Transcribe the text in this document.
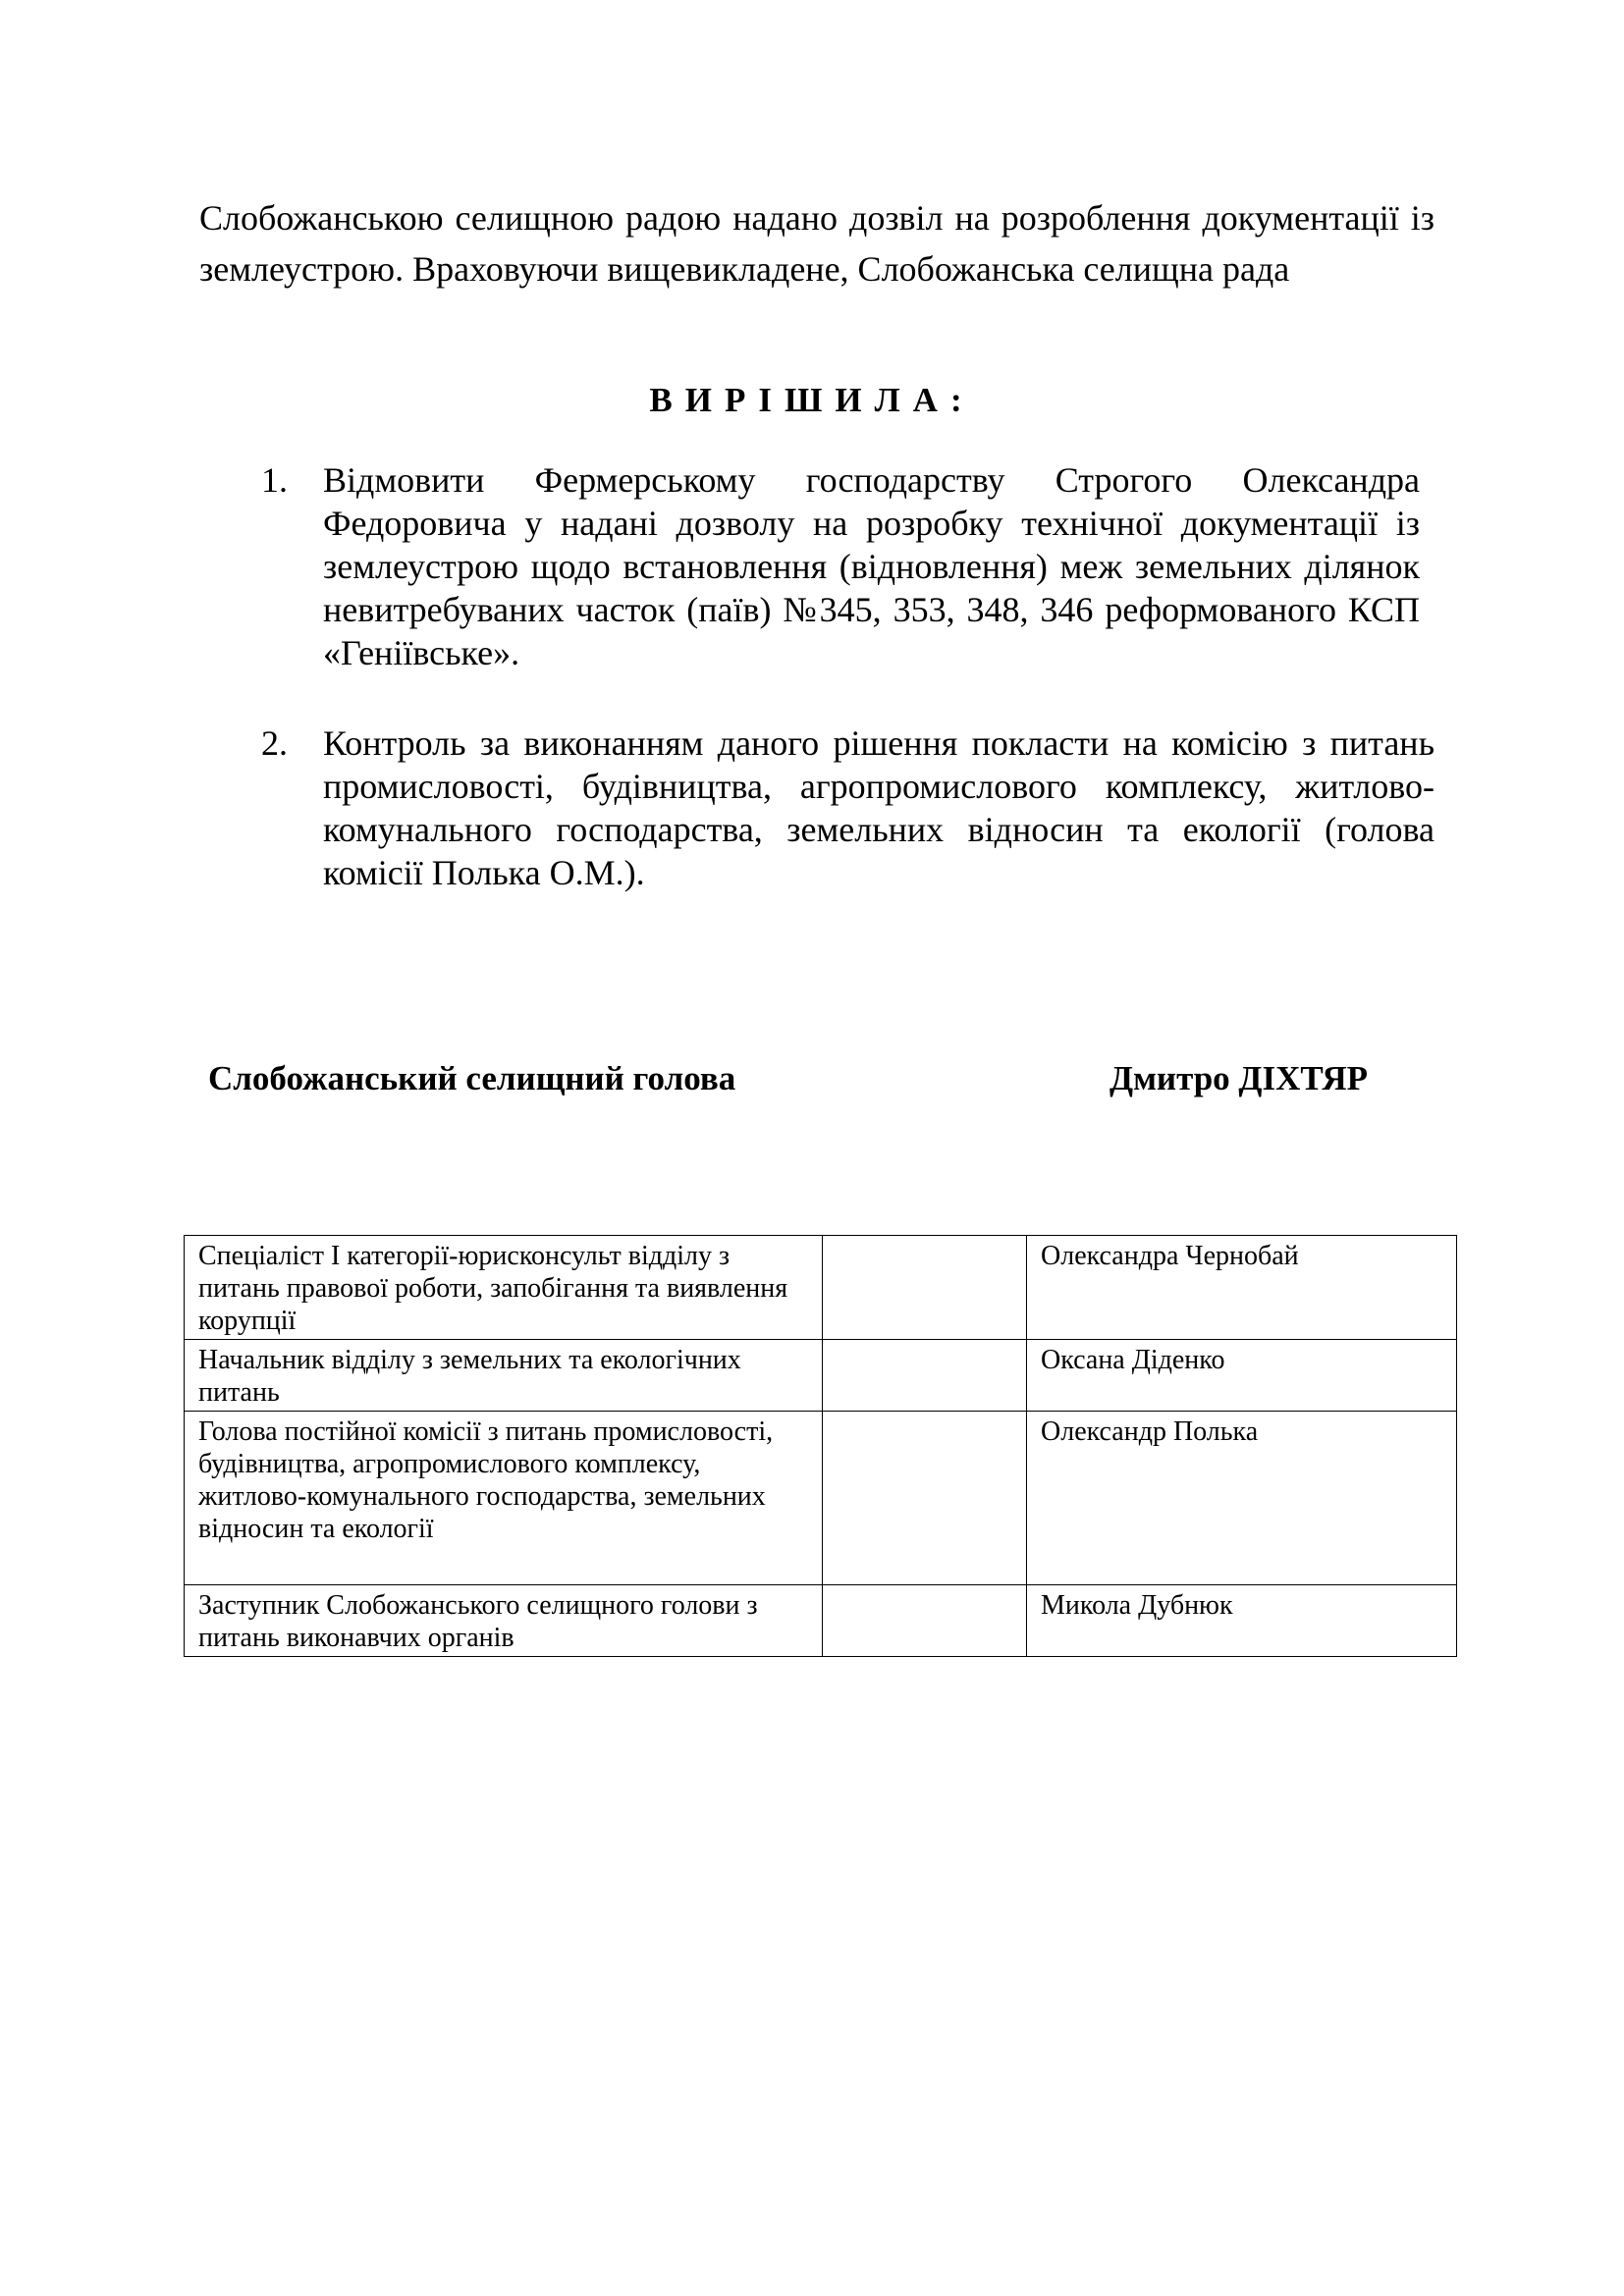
Слобожанською селищною радою надано дозвіл на розроблення документації із землеустрою. Враховуючи вищевикладене, Слобожанська селищна рада

ВИРІШИЛА:

1.	Відмовити Фермерському господарству Строгого Олександра Федоровича у надані дозволу на розробку технічної документації із землеустрою щодо встановлення (відновлення) меж земельних ділянок невитребуваних часток (паїв) №345, 353, 348, 346 реформованого КСП «Геніївське».
2.	Контроль за виконанням даного рішення покласти на комісію з питань промисловості, будівництва, агропромислового комплексу, житлово-комунального господарства, земельних відносин та екології (голова комісії Полька О.М.).

Слобожанський селищний голова	Дмитро ДІХТЯР

Спеціаліст І категорії-юрисконсульт відділу з питань правової роботи, запобігання та виявлення корупції		Олександра Чернобай
Начальник відділу з земельних та екологічних питань		Оксана Діденко
Голова постійної комісії з питань промисловості, будівництва, агропромислового комплексу, житлово-комунального господарства, земельних відносин та екології		Олександр Полька
Заступник Слобожанського селищного голови з питань виконавчих органів		Микола Дубнюк
